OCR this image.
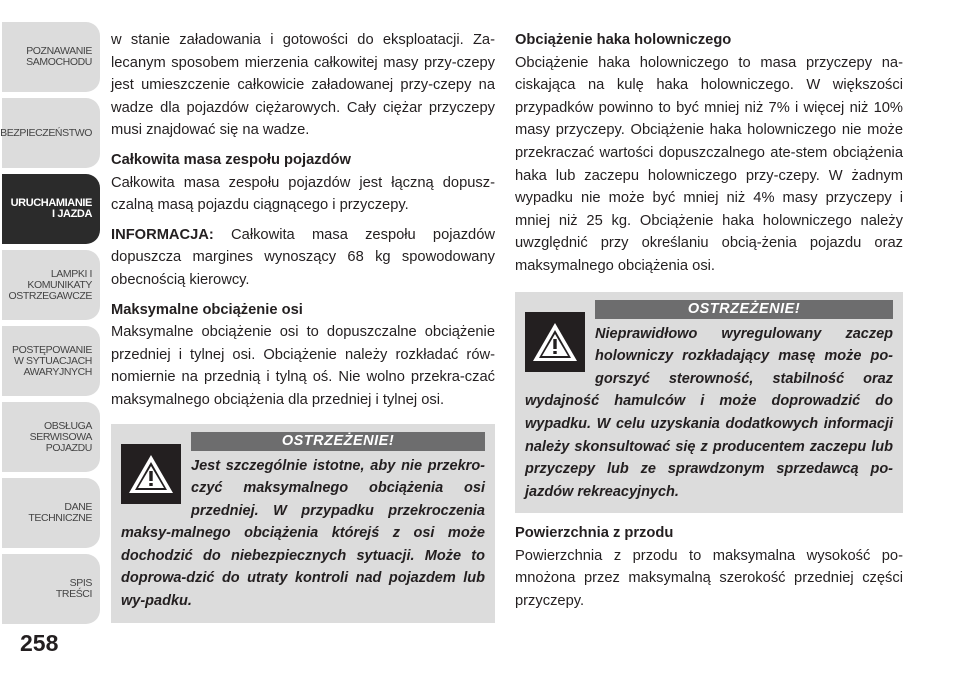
POZNAWANIE
SAMOCHODU
BEZPIECZEŃSTWO
URUCHAMIANIE
I JAZDA
LAMPKI I
KOMUNIKATY
OSTRZEGAWCZE
POSTĘPOWANIE
W SYTUACJACH
AWARYJNYCH
OBSŁUGA
SERWISOWA
POJAZDU
DANE
TECHNICZNE
SPIS
TREŚCI
258

w stanie załadowania i gotowości do eksploatacji. Za-lecanym sposobem mierzenia całkowitej masy przy-czepy jest umieszczenie całkowicie załadowanej przy-czepy na wadze dla pojazdów ciężarowych. Cały ciężar przyczepy musi znajdować się na wadze.

Całkowita masa zespołu pojazdów

Całkowita masa zespołu pojazdów jest łączną dopusz-czalną masą pojazdu ciągnącego i przyczepy.

INFORMACJA: Całkowita masa zespołu pojazdów dopuszcza margines wynoszący 68 kg spowodowany obecnością kierowcy.

Maksymalne obciążenie osi

Maksymalne obciążenie osi to dopuszczalne obciążenie przedniej i tylnej osi. Obciążenie należy rozkładać rów-nomiernie na przednią i tylną oś. Nie wolno przekra-czać maksymalnego obciążenia dla przedniej i tylnej osi.

OSTRZEŻENIE!

Jest szczególnie istotne, aby nie przekro-czyć maksymalnego obciążenia osi przedniej. W przypadku przekroczenia maksy-malnego obciążenia którejś z osi może dochodzić do niebezpiecznych sytuacji. Może to doprowa-dzić do utraty kontroli nad pojazdem lub wy-padku.

Obciążenie haka holowniczego

Obciążenie haka holowniczego to masa przyczepy na-ciskająca na kulę haka holowniczego. W większości przypadków powinno to być mniej niż 7% i więcej niż 10% masy przyczepy. Obciążenie haka holowniczego nie może przekraczać wartości dopuszczalnego ate-stem obciążenia haka lub zaczepu holowniczego przy-czepy. W żadnym wypadku nie może być mniej niż 4% masy przyczepy i mniej niż 25 kg. Obciążenie haka holowniczego należy uwzględnić przy określaniu obcią-żenia pojazdu oraz maksymalnego obciążenia osi.

OSTRZEŻENIE!

Nieprawidłowo wyregulowany zaczep holowniczy rozkładający masę może po-gorszyć sterowność, stabilność oraz wydajność hamulców i może doprowadzić do wypadku. W celu uzyskania dodatkowych informacji należy skonsultować się z producentem zaczepu lub przyczepy lub ze sprawdzonym sprzedawcą po-jazdów rekreacyjnych.

Powierzchnia z przodu

Powierzchnia z przodu to maksymalna wysokość po-mnożona przez maksymalną szerokość przedniej części przyczepy.
